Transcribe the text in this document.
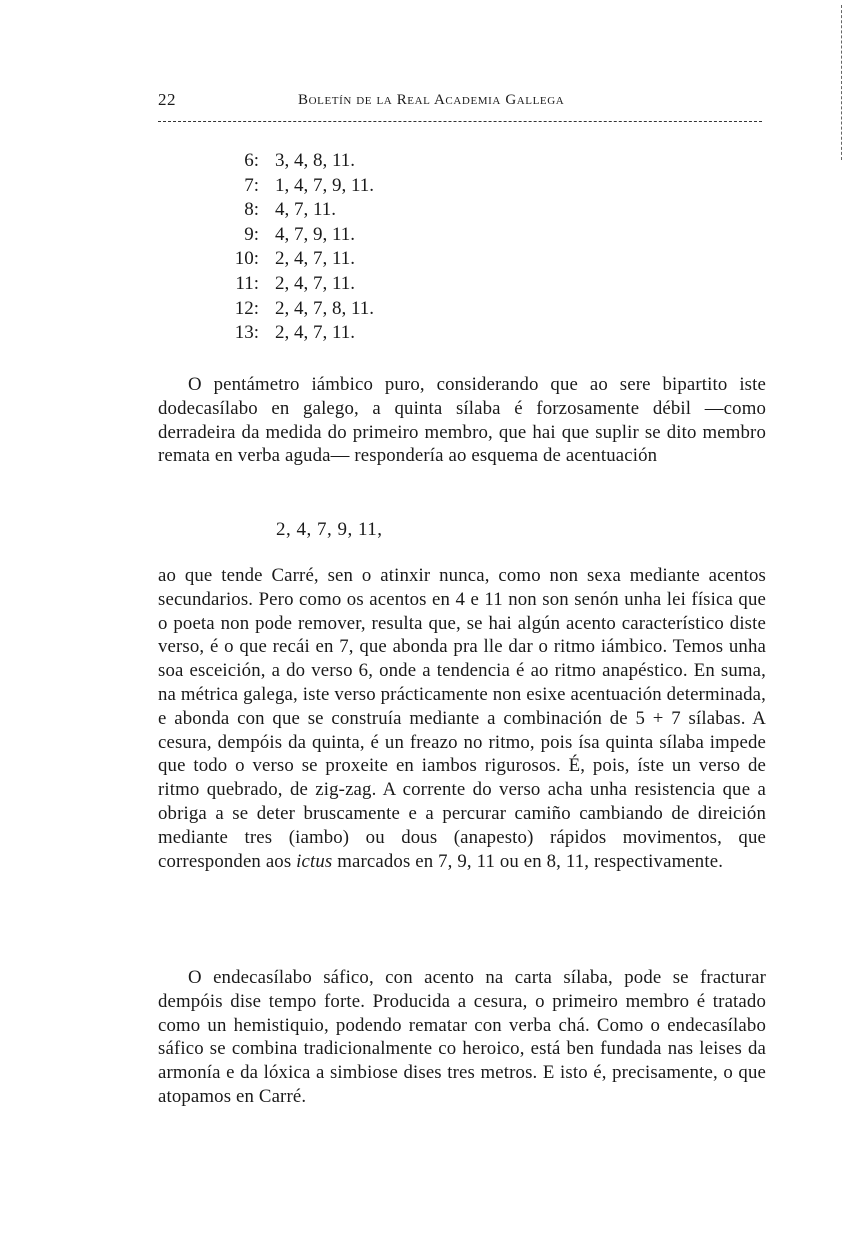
22	Boletín de la Real Academia Gallega
6: 3, 4, 8, 11.
7: 1, 4, 7, 9, 11.
8: 4, 7, 11.
9: 4, 7, 9, 11.
10: 2, 4, 7, 11.
11: 2, 4, 7, 11.
12: 2, 4, 7, 8, 11.
13: 2, 4, 7, 11.

O pentámetro iámbico puro, considerando que ao sere bipartito iste dodecasílabo en galego, a quinta sílaba é forzosamente débil —como derradeira da medida do primeiro membro, que hai que suplir se dito membro remata en verba aguda— respondería ao esquema de acentuación

2, 4, 7, 9, 11,

ao que tende Carré, sen o atinxir nunca, como non sexa mediante acentos secundarios. Pero como os acentos en 4 e 11 non son senón unha lei física que o poeta non pode remover, resulta que, se hai algún acento característico diste verso, é o que recái en 7, que abonda pra lle dar o ritmo iámbico. Temos unha soa esceición, a do verso 6, onde a tendencia é ao ritmo anapéstico. En suma, na métrica galega, iste verso prácticamente non esixe acentuación determinada, e abonda con que se construía mediante a combinación de 5 + 7 sílabas. A cesura, dempóis da quinta, é un freazo no ritmo, pois ísa quinta sílaba impede que todo o verso se proxeite en iambos rigurosos. É, pois, íste un verso de ritmo quebrado, de zig-zag. A corrente do verso acha unha resistencia que a obriga a se deter bruscamente e a percurar camiño cambiando de direición mediante tres (iambo) ou dous (anapesto) rápidos movimentos, que corresponden aos ictus marcados en 7, 9, 11 ou en 8, 11, respectivamente.

O endecasílabo sáfico, con acento na carta sílaba, pode se fracturar dempóis dise tempo forte. Producida a cesura, o primeiro membro é tratado como un hemistiquio, podendo rematar con verba chá. Como o endecasílabo sáfico se combina tradicionalmente co heroico, está ben fundada nas leises da armonía e da lóxica a simbiose dises tres metros. E isto é, precisamente, o que atopamos en Carré.
